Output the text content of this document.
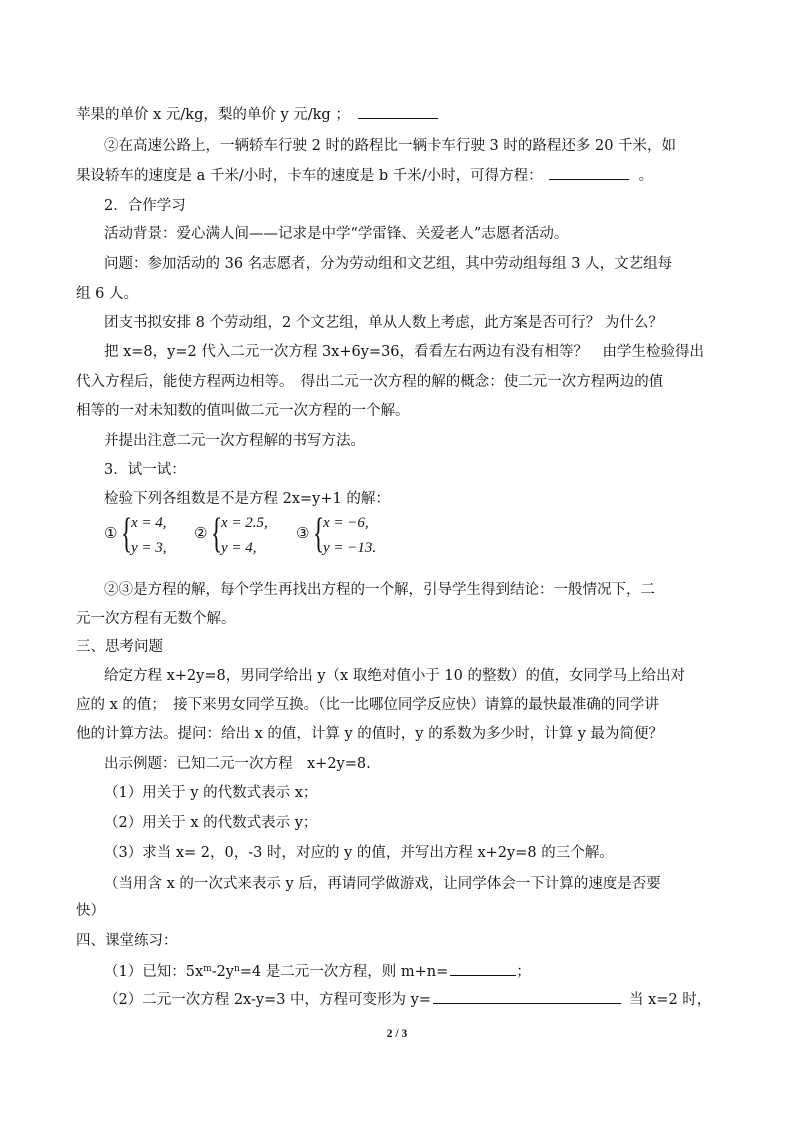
苹果的单价 x 元/kg，梨的单价 y 元/kg ；
②在高速公路上，一辆轿车行驶 2 时的路程比一辆卡车行驶 3 时的路程还多 20 千米，如
果设轿车的速度是 a 千米/小时，卡车的速度是 b 千米/小时，可得方程：	。
2．合作学习
活动背景：爱心满人间——记求是中学“学雷锋、关爱老人”志愿者活动。
问题：参加活动的 36 名志愿者，分为劳动组和文艺组，其中劳动组每组 3 人，文艺组每
组 6 人。
团支书拟安排 8 个劳动组，2 个文艺组，单从人数上考虑，此方案是否可行？ 为什么？
把 x=8，y=2 代入二元一次方程 3x+6y=36，看看左右两边有没有相等？　由学生检验得出
代入方程后，能使方程两边相等。　得出二元一次方程的解的概念：使二元一次方程两边的值
相等的一对未知数的值叫做二元一次方程的一个解。
并提出注意二元一次方程解的书写方法。
3．试一试：
检验下列各组数是不是方程 2x=y+1 的解：
① {
x = 4,
y = 3,
② {
x = 2.5,
y = 4,
③ {
x = −6,
y = −13.
②③是方程的解，每个学生再找出方程的一个解，引导学生得到结论：一般情况下，二
元一次方程有无数个解。
三、思考问题
给定方程 x+2y=8，男同学给出 y（x 取绝对值小于 10 的整数）的值，女同学马上给出对
应的 x 的值；　接下来男女同学互换。（比一比哪位同学反应快）请算的最快最准确的同学讲
他的计算方法。提问：给出 x 的值，计算 y 的值时，y 的系数为多少时，计算 y 最为简便？
出示例题：已知二元一次方程　x+2y=8.
（1）用关于 y 的代数式表示 x；
（2）用关于 x 的代数式表示 y；
（3）求当 x= 2，0，-3 时，对应的 y 的值，并写出方程 x+2y=8 的三个解。
（当用含 x 的一次式来表示 y 后，再请同学做游戏，让同学体会一下计算的速度是否要
快）
四、课堂练习：
（1）已知：$5x^m-2y^n=4$ 是二元一次方程，则 m+n=	；
（2）二元一次方程 2x-y=3 中，方程可变形为 y=	当 x=2 时，
2 / 3
